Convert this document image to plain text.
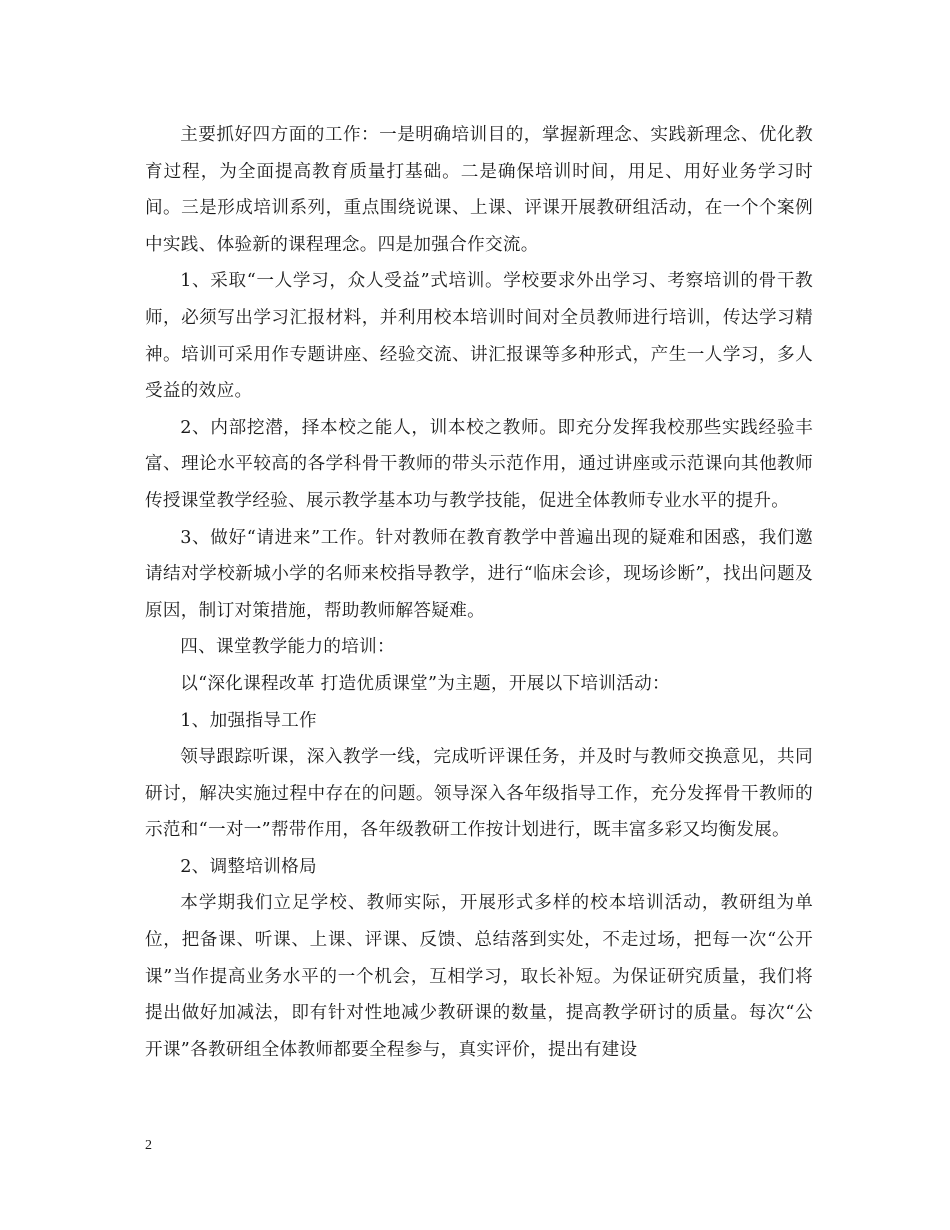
主要抓好四方面的工作：一是明确培训目的，掌握新理念、实践新理念、优化教育过程，为全面提高教育质量打基础。二是确保培训时间，用足、用好业务学习时间。三是形成培训系列，重点围绕说课、上课、评课开展教研组活动，在一个个案例中实践、体验新的课程理念。四是加强合作交流。

1、采取“一人学习，众人受益”式培训。学校要求外出学习、考察培训的骨干教师，必须写出学习汇报材料，并利用校本培训时间对全员教师进行培训，传达学习精神。培训可采用作专题讲座、经验交流、讲汇报课等多种形式，产生一人学习，多人受益的效应。

2、内部挖潜，择本校之能人，训本校之教师。即充分发挥我校那些实践经验丰富、理论水平较高的各学科骨干教师的带头示范作用，通过讲座或示范课向其他教师传授课堂教学经验、展示教学基本功与教学技能，促进全体教师专业水平的提升。

3、做好“请进来”工作。针对教师在教育教学中普遍出现的疑难和困惑，我们邀请结对学校新城小学的名师来校指导教学，进行“临床会诊，现场诊断”，找出问题及原因，制订对策措施，帮助教师解答疑难。

四、课堂教学能力的培训：

以“深化课程改革 打造优质课堂”为主题，开展以下培训活动：

1、加强指导工作

领导跟踪听课，深入教学一线，完成听评课任务，并及时与教师交换意见，共同研讨，解决实施过程中存在的问题。领导深入各年级指导工作，充分发挥骨干教师的示范和“一对一”帮带作用，各年级教研工作按计划进行，既丰富多彩又均衡发展。

2、调整培训格局

本学期我们立足学校、教师实际，开展形式多样的校本培训活动，教研组为单位，把备课、听课、上课、评课、反馈、总结落到实处，不走过场，把每一次“公开课”当作提高业务水平的一个机会，互相学习，取长补短。为保证研究质量，我们将提出做好加减法，即有针对性地减少教研课的数量，提高教学研讨的质量。每次“公开课”各教研组全体教师都要全程参与，真实评价，提出有建设

2
